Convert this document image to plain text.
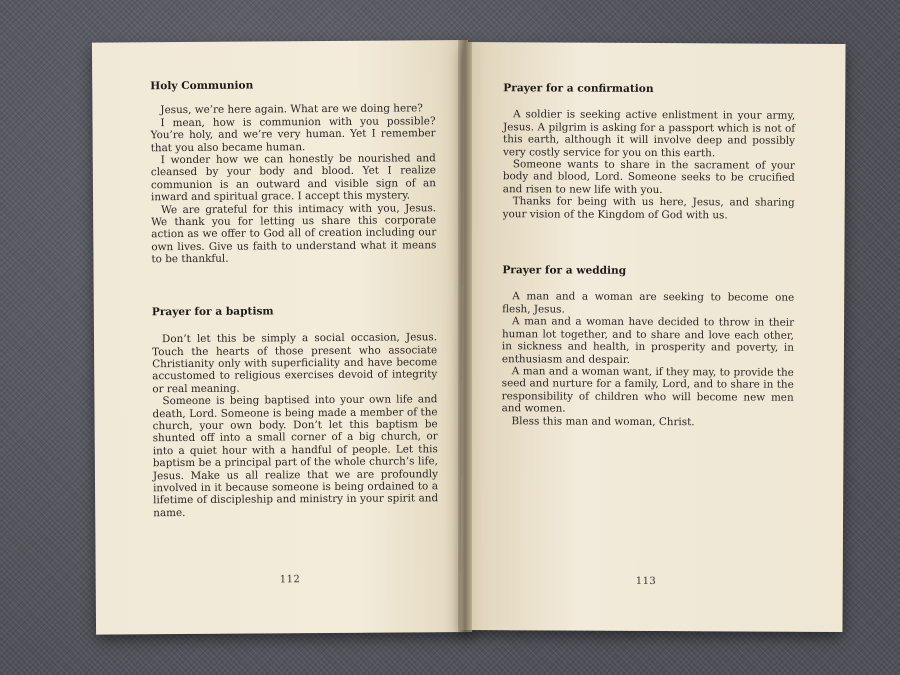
Holy Communion

Jesus, we’re here again. What are we doing here?

I mean, how is communion with you possible? You’re holy, and we’re very human. Yet I remember that you also became human.

I wonder how we can honestly be nourished and cleansed by your body and blood. Yet I realize communion is an outward and visible sign of an inward and spiritual grace. I accept this mystery.

We are grateful for this intimacy with you, Jesus. We thank you for letting us share this corporate action as we offer to God all of creation including our own lives. Give us faith to understand what it means to be thankful.

Prayer for a baptism

Don’t let this be simply a social occasion, Jesus. Touch the hearts of those present who associate Christianity only with superficiality and have become accustomed to religious exercises devoid of integrity or real meaning.

Someone is being baptised into your own life and death, Lord. Someone is being made a member of the church, your own body. Don’t let this baptism be shunted off into a small corner of a big church, or into a quiet hour with a handful of people. Let this baptism be a principal part of the whole church’s life, Jesus. Make us all realize that we are profoundly involved in it because someone is being ordained to a lifetime of discipleship and ministry in your spirit and name.

112
Prayer for a confirmation

A soldier is seeking active enlistment in your army, Jesus. A pilgrim is asking for a passport which is not of this earth, although it will involve deep and possibly very costly service for you on this earth.

Someone wants to share in the sacrament of your body and blood, Lord. Someone seeks to be crucified and risen to new life with you.

Thanks for being with us here, Jesus, and sharing your vision of the Kingdom of God with us.

Prayer for a wedding

A man and a woman are seeking to become one flesh, Jesus.

A man and a woman have decided to throw in their human lot together, and to share and love each other, in sickness and health, in prosperity and poverty, in enthusiasm and despair.

A man and a woman want, if they may, to provide the seed and nurture for a family, Lord, and to share in the responsibility of children who will become new men and women.

Bless this man and woman, Christ.

113
